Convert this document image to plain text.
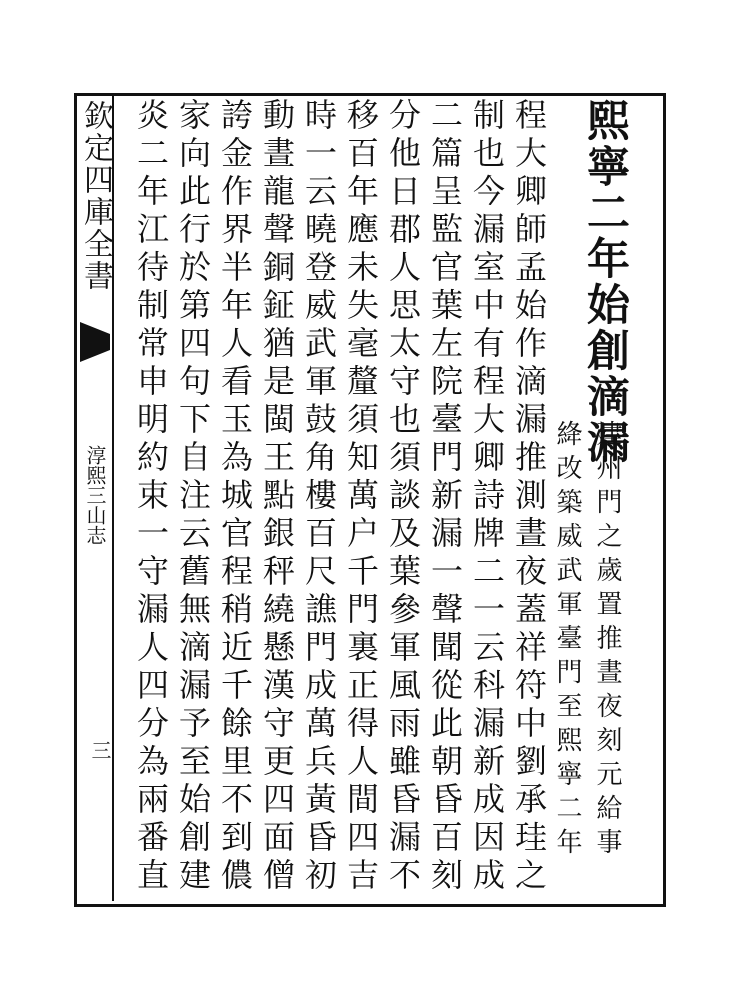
欽定四庫全書
淳熙三山志
三
熙寧二年始創滴漏
建州門之歲置推晝夜刻元給事
絳改築威武軍臺門至熙寧二年
程大卿師孟始作滴漏推測晝夜蓋祥符中劉承珪之
制也今漏室中有程大卿詩牌二一云科漏新成因成
二篇呈監官葉左院臺門新漏一聲聞從此朝昏百刻
分他日郡人思太守也須談及葉參軍風雨雖昏漏不
移百年應未失毫釐須知萬户千門裏正得人間四吉
時一云曉登威武軍鼓角樓百尺譙門成萬兵黃昏初
動晝龍聲銅鉦猶是閩王點銀秤繞懸漢守更四面僧
誇金作界半年人看玉為城官程稍近千餘里不到儂
家向此行於第四句下自注云舊無滴漏予至始創建
炎二年江待制常申明約束一守漏人四分為兩番直
